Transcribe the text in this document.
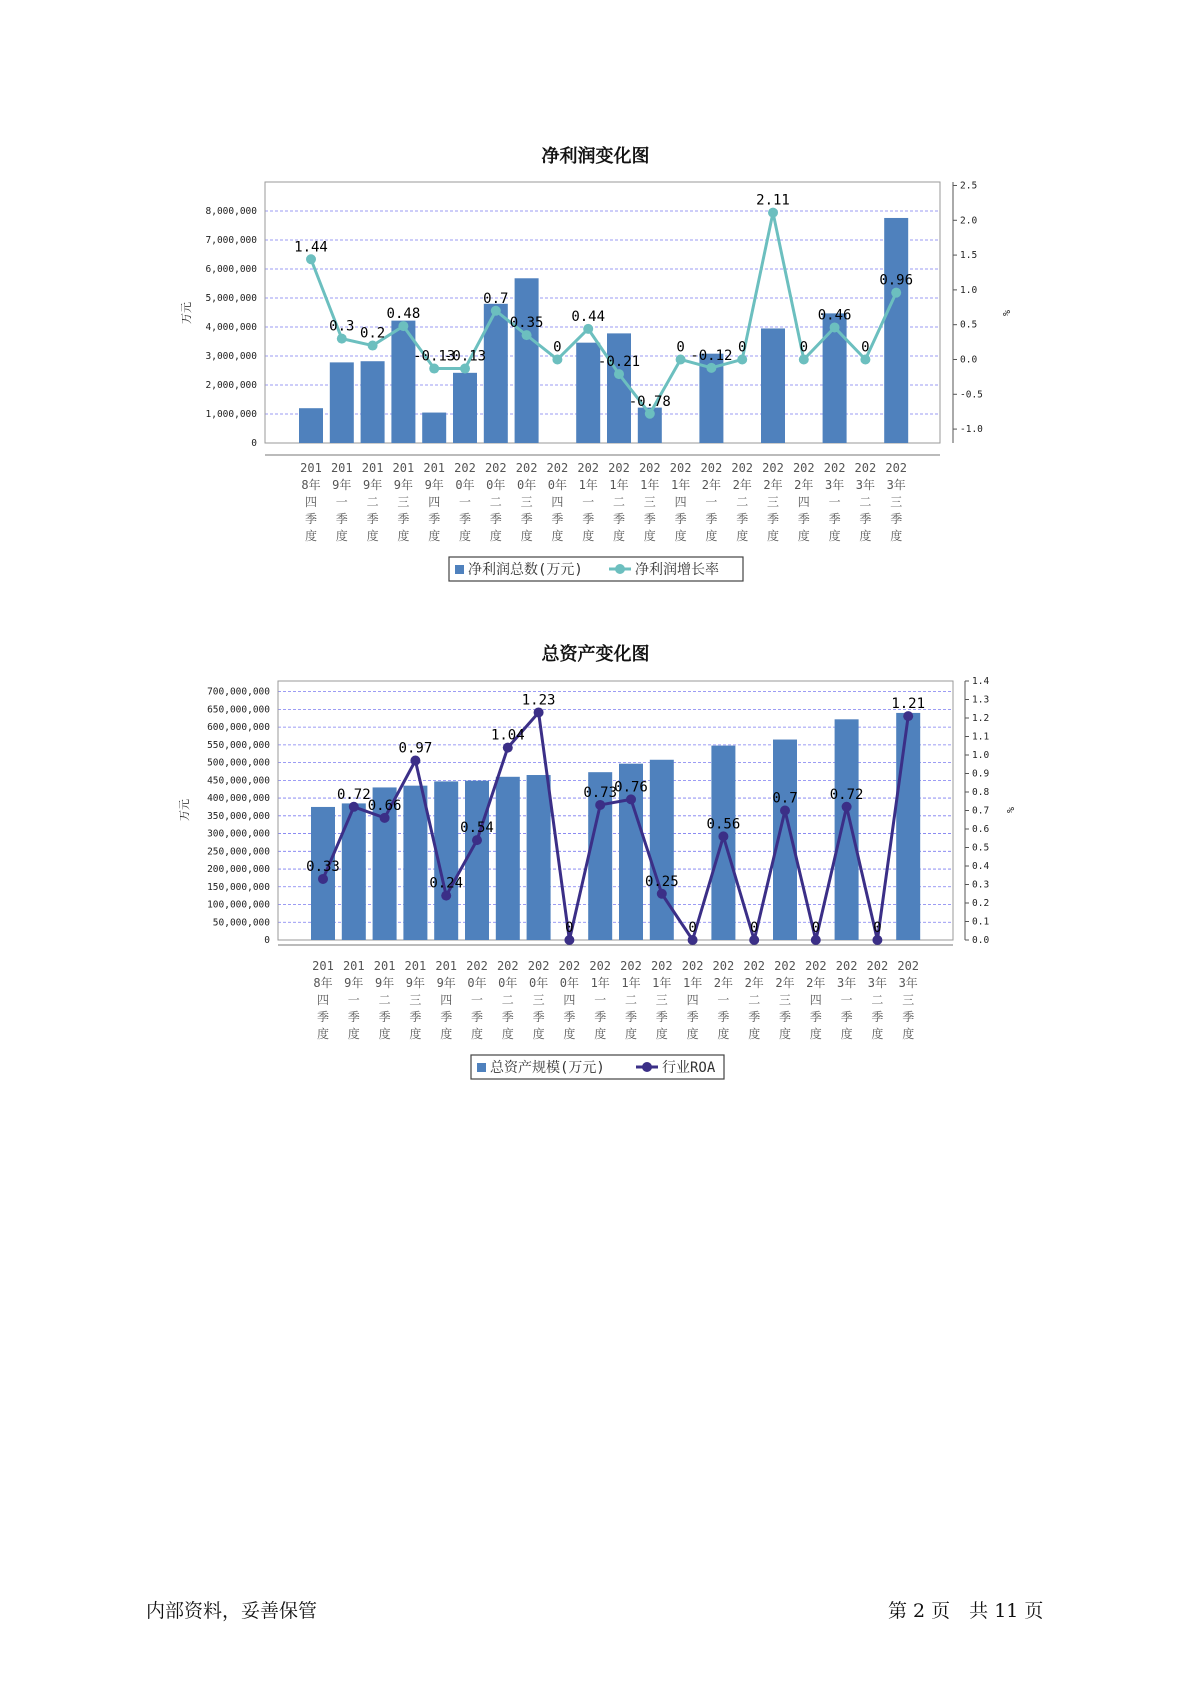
净利润变化图
0
1,000,000
2,000,000
3,000,000
4,000,000
5,000,000
6,000,000
7,000,000
8,000,000
-1.0
-0.5
0.0
0.5
1.0
1.5
2.0
2.5
万元	%
201 8年四季度
201 9年一季度
201 9年二季度
201 9年三季度
201 9年四季度
202 0年一季度
202 0年二季度
202 0年三季度
202 0年四季度
202 1年一季度
202 1年二季度
202 1年三季度
202 1年四季度
202 2年一季度
202 2年二季度
202 2年三季度
202 2年四季度
202 3年一季度
202 3年二季度
202 3年三季度
1.44
0.3 0.2
0.48
-0.13
-0.13
0.7
0.35
0
0.44
-0.21
-0.78
0
-0.12
0
2.11
0
0.46
0
0.96
净利润总数(万元)	净利润增长率
总资产变化图
0
50,000,000
100,000,000
150,000,000
200,000,000
250,000,000
300,000,000
350,000,000
400,000,000
450,000,000
500,000,000
550,000,000
600,000,000
650,000,000
700,000,000
0.0
0.1
0.2
0.3
0.4
0.5
0.6
0.7
0.8
0.9
1.0
1.1
1.2
1.3
1.4
万元	%
201 8年四季度
201 9年一季度
201 9年二季度
201 9年三季度
201 9年四季度
202 0年一季度
202 0年二季度
202 0年三季度
202 0年四季度
202 1年一季度
202 1年二季度
202 1年三季度
202 1年四季度
202 2年一季度
202 2年二季度
202 2年三季度
202 2年四季度
202 3年一季度
202 3年二季度
202 3年三季度
0.33
0.72
0.66
0.97
0.24
0.54
1.04
1.23
0
0.73
0.76
0.25
0
0.56
0
0.7
0
0.72
0
1.21
总资产规模(万元)	行业ROA
内部资料，妥善保管	第 2 页　共 11 页
